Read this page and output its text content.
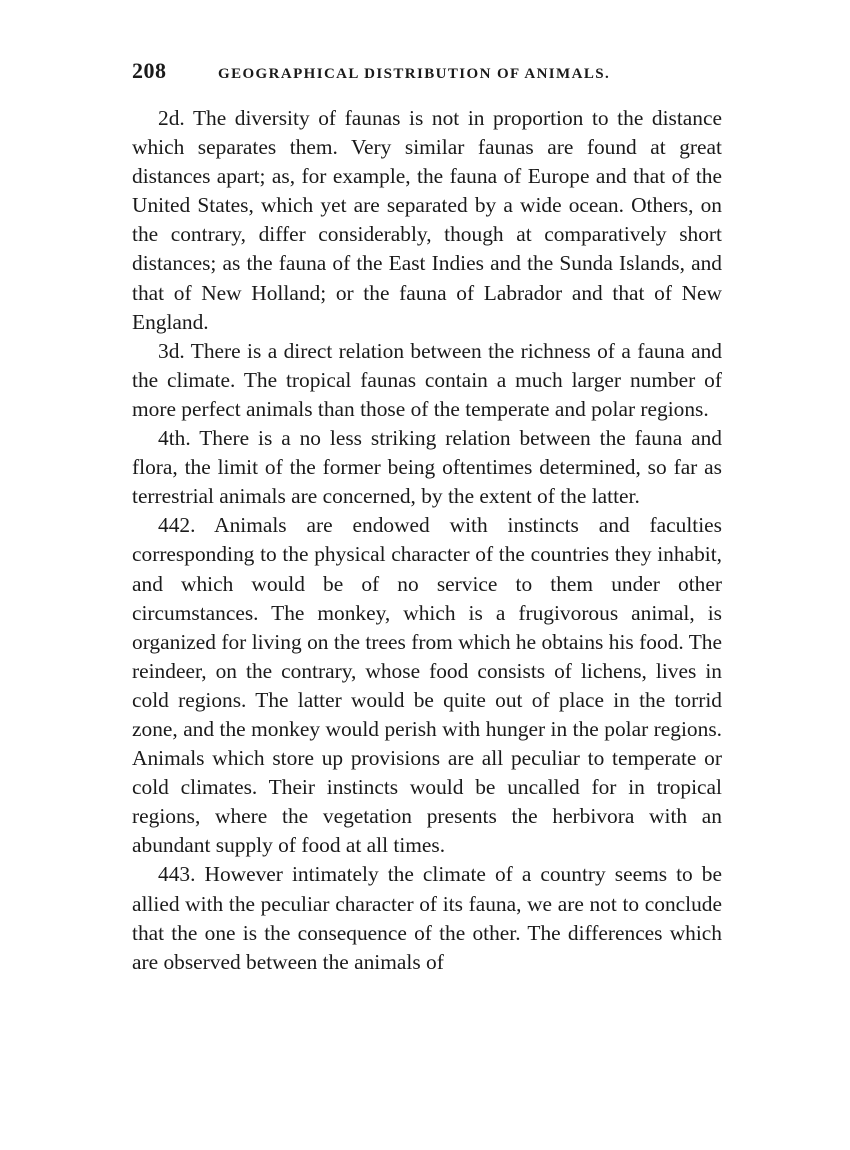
208	GEOGRAPHICAL DISTRIBUTION OF ANIMALS.

2d. The diversity of faunas is not in proportion to the distance which separates them. Very similar faunas are found at great distances apart; as, for example, the fauna of Europe and that of the United States, which yet are separated by a wide ocean. Others, on the contrary, differ considerably, though at comparatively short distances; as the fauna of the East Indies and the Sunda Islands, and that of New Holland; or the fauna of Labrador and that of New England.

3d. There is a direct relation between the richness of a fauna and the climate. The tropical faunas contain a much larger number of more perfect animals than those of the temperate and polar regions.

4th. There is a no less striking relation between the fauna and flora, the limit of the former being oftentimes determined, so far as terrestrial animals are concerned, by the extent of the latter.

442. Animals are endowed with instincts and faculties corresponding to the physical character of the countries they inhabit, and which would be of no service to them under other circumstances. The monkey, which is a frugivorous animal, is organized for living on the trees from which he obtains his food. The reindeer, on the contrary, whose food consists of lichens, lives in cold regions. The latter would be quite out of place in the torrid zone, and the monkey would perish with hunger in the polar regions. Animals which store up provisions are all peculiar to temperate or cold climates. Their instincts would be uncalled for in tropical regions, where the vegetation presents the herbivora with an abundant supply of food at all times.

443. However intimately the climate of a country seems to be allied with the peculiar character of its fauna, we are not to conclude that the one is the consequence of the other. The differences which are observed between the animals of
